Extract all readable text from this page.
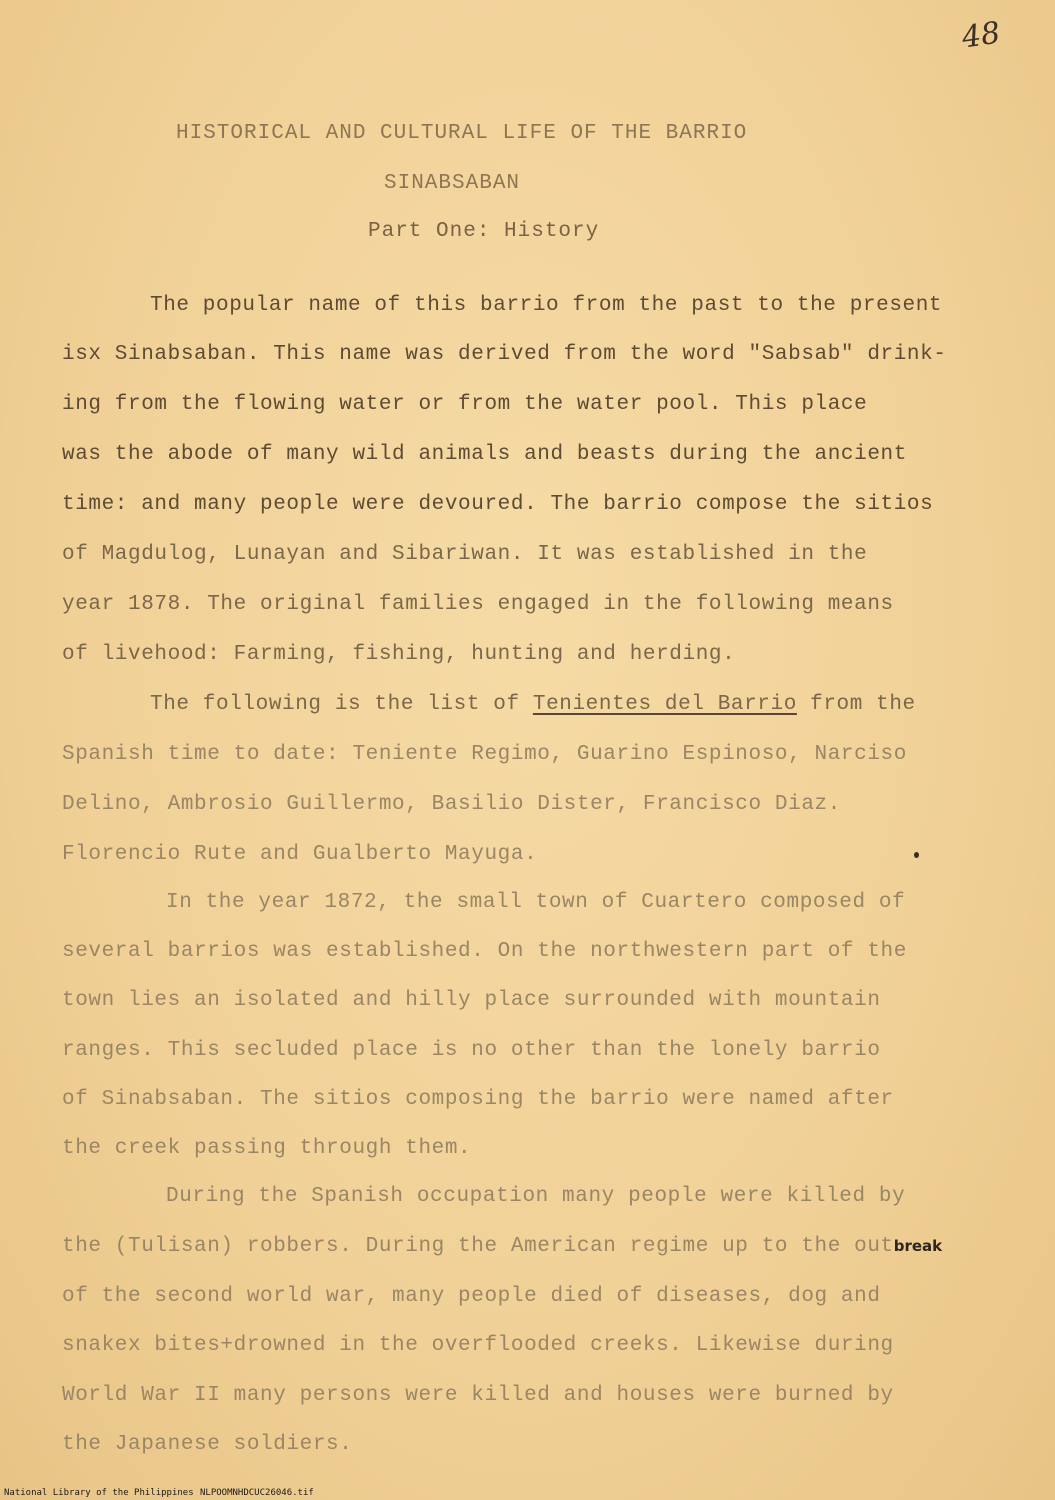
48
HISTORICAL AND CULTURAL LIFE OF THE BARRIO
SINABSABAN
Part One: History
The popular name of this barrio from the past to the present
isx Sinabsaban. This name was derived from the word "Sabsab" drink-
ing from the flowing water or from the water pool. This place
was the abode of many wild animals and beasts during the ancient
time: and many people were devoured. The barrio compose the sitios
of Magdulog, Lunayan and Sibariwan. It was established in the
year 1878. The original families engaged in the following means
of livehood: Farming, fishing, hunting and herding.
The following is the list of Tenientes del Barrio from the
Spanish time to date: Teniente Regimo, Guarino Espinoso, Narciso
Delino, Ambrosio Guillermo, Basilio Dister, Francisco Diaz.
Florencio Rute and Gualberto Mayuga.
In the year 1872, the small town of Cuartero composed of
several barrios was established. On the northwestern part of the
town lies an isolated and hilly place surrounded with mountain
ranges. This secluded place is no other than the lonely barrio
of Sinabsaban. The sitios composing the barrio were named after
the creek passing through them.
During the Spanish occupation many people were killed by
the (Tulisan) robbers. During the American regime up to the outbreak
of the second world war, many people died of diseases, dog and
snakex bites+drowned in the overflooded creeks. Likewise during
World War II many persons were killed and houses were burned by
the Japanese soldiers.
National Library of the Philippines NLPOOMNHDCUC26046.tif
